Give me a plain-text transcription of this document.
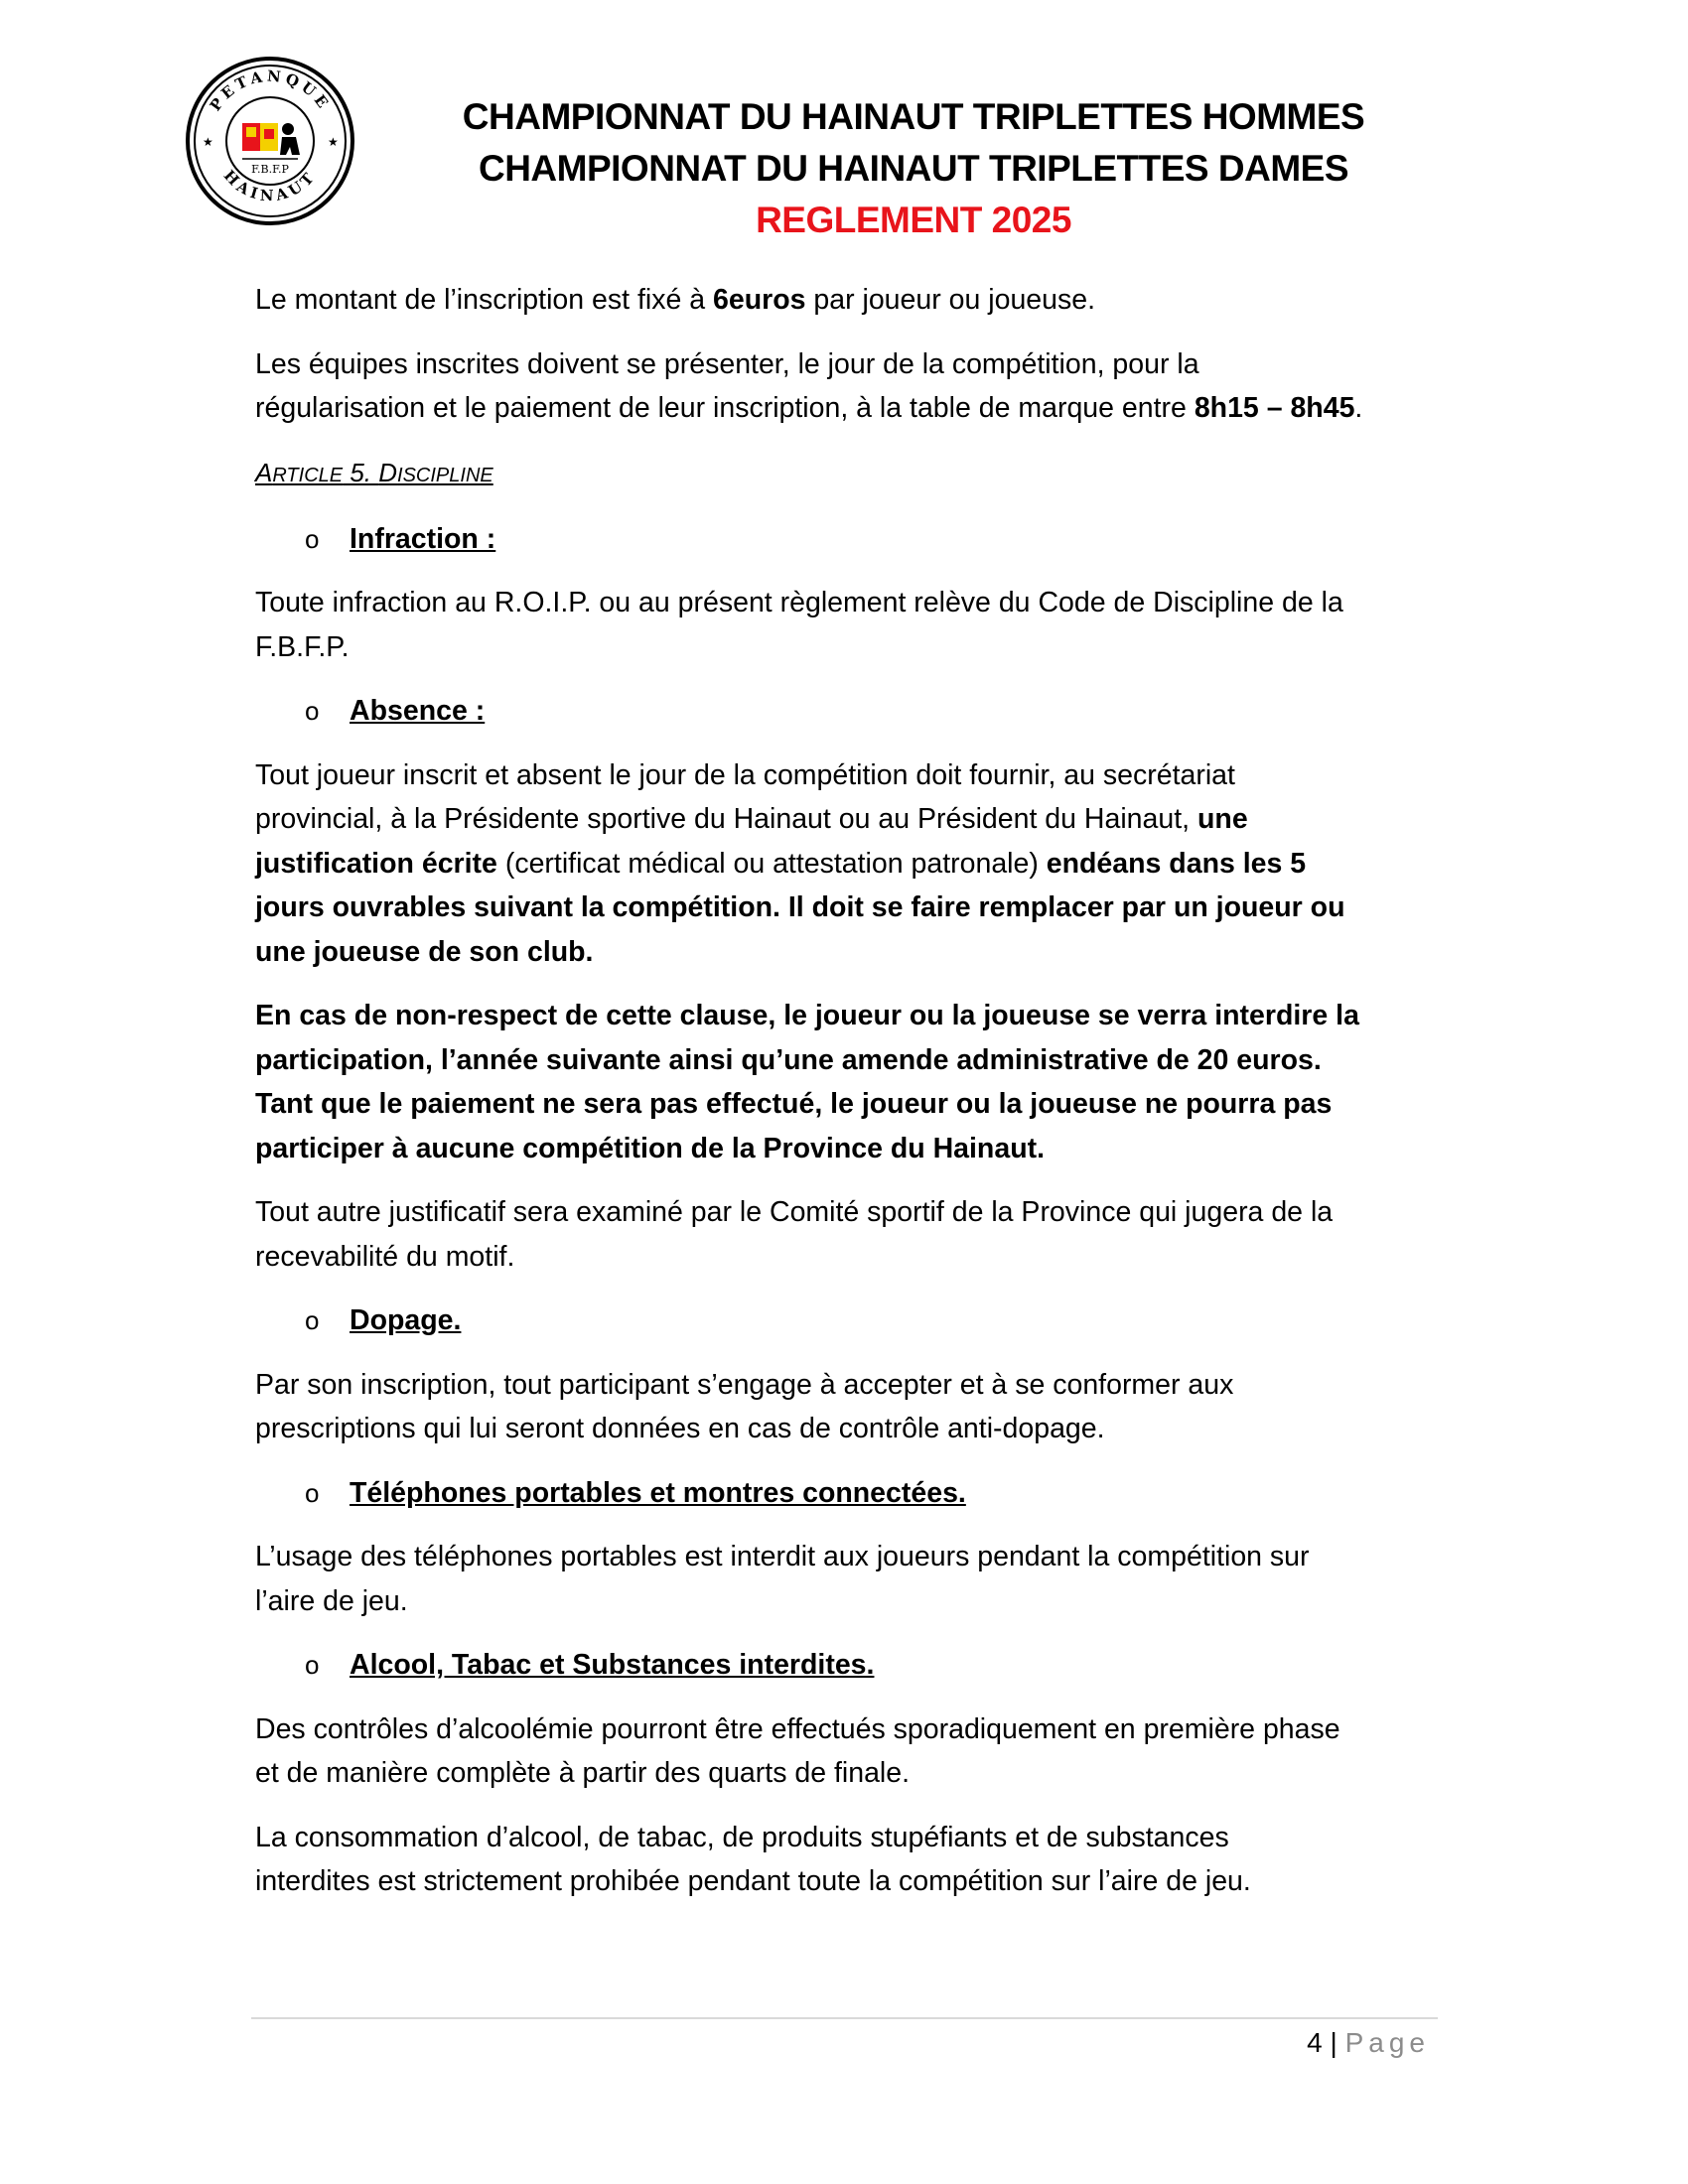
PETANQUE
HAINAUT
★	★
F.B.F.P
CHAMPIONNAT DU HAINAUT TRIPLETTES HOMMES
CHAMPIONNAT DU HAINAUT TRIPLETTES DAMES
REGLEMENT 2025

Le montant de l’inscription est fixé à 6euros par joueur ou joueuse.

Les équipes inscrites doivent se présenter, le jour de la compétition, pour la
régularisation et le paiement de leur inscription, à la table de marque entre 8h15 – 8h45.

ARTICLE 5. DISCIPLINE
o	Infraction :

Toute infraction au R.O.I.P. ou au présent règlement relève du Code de Discipline de la
F.B.F.P.

o	Absence :

Tout joueur inscrit et absent le jour de la compétition doit fournir, au secrétariat
provincial, à la Présidente sportive du Hainaut ou au Président du Hainaut, une
justification écrite (certificat médical ou attestation patronale) endéans dans les 5
jours ouvrables suivant la compétition. Il doit se faire remplacer par un joueur ou
une joueuse de son club.

En cas de non-respect de cette clause, le joueur ou la joueuse se verra interdire la
participation, l’année suivante ainsi qu’une amende administrative de 20 euros.
Tant que le paiement ne sera pas effectué, le joueur ou la joueuse ne pourra pas
participer à aucune compétition de la Province du Hainaut.

Tout autre justificatif sera examiné par le Comité sportif de la Province qui jugera de la
recevabilité du motif.

o	Dopage.

Par son inscription, tout participant s’engage à accepter et à se conformer aux
prescriptions qui lui seront données en cas de contrôle anti-dopage.

o	Téléphones portables et montres connectées.

L’usage des téléphones portables est interdit aux joueurs pendant la compétition sur
l’aire de jeu.

o	Alcool, Tabac et Substances interdites.

Des contrôles d’alcoolémie pourront être effectués sporadiquement en première phase
et de manière complète à partir des quarts de finale.

La consommation d’alcool, de tabac, de produits stupéfiants et de substances
interdites est strictement prohibée pendant toute la compétition sur l’aire de jeu.

4 | Page
